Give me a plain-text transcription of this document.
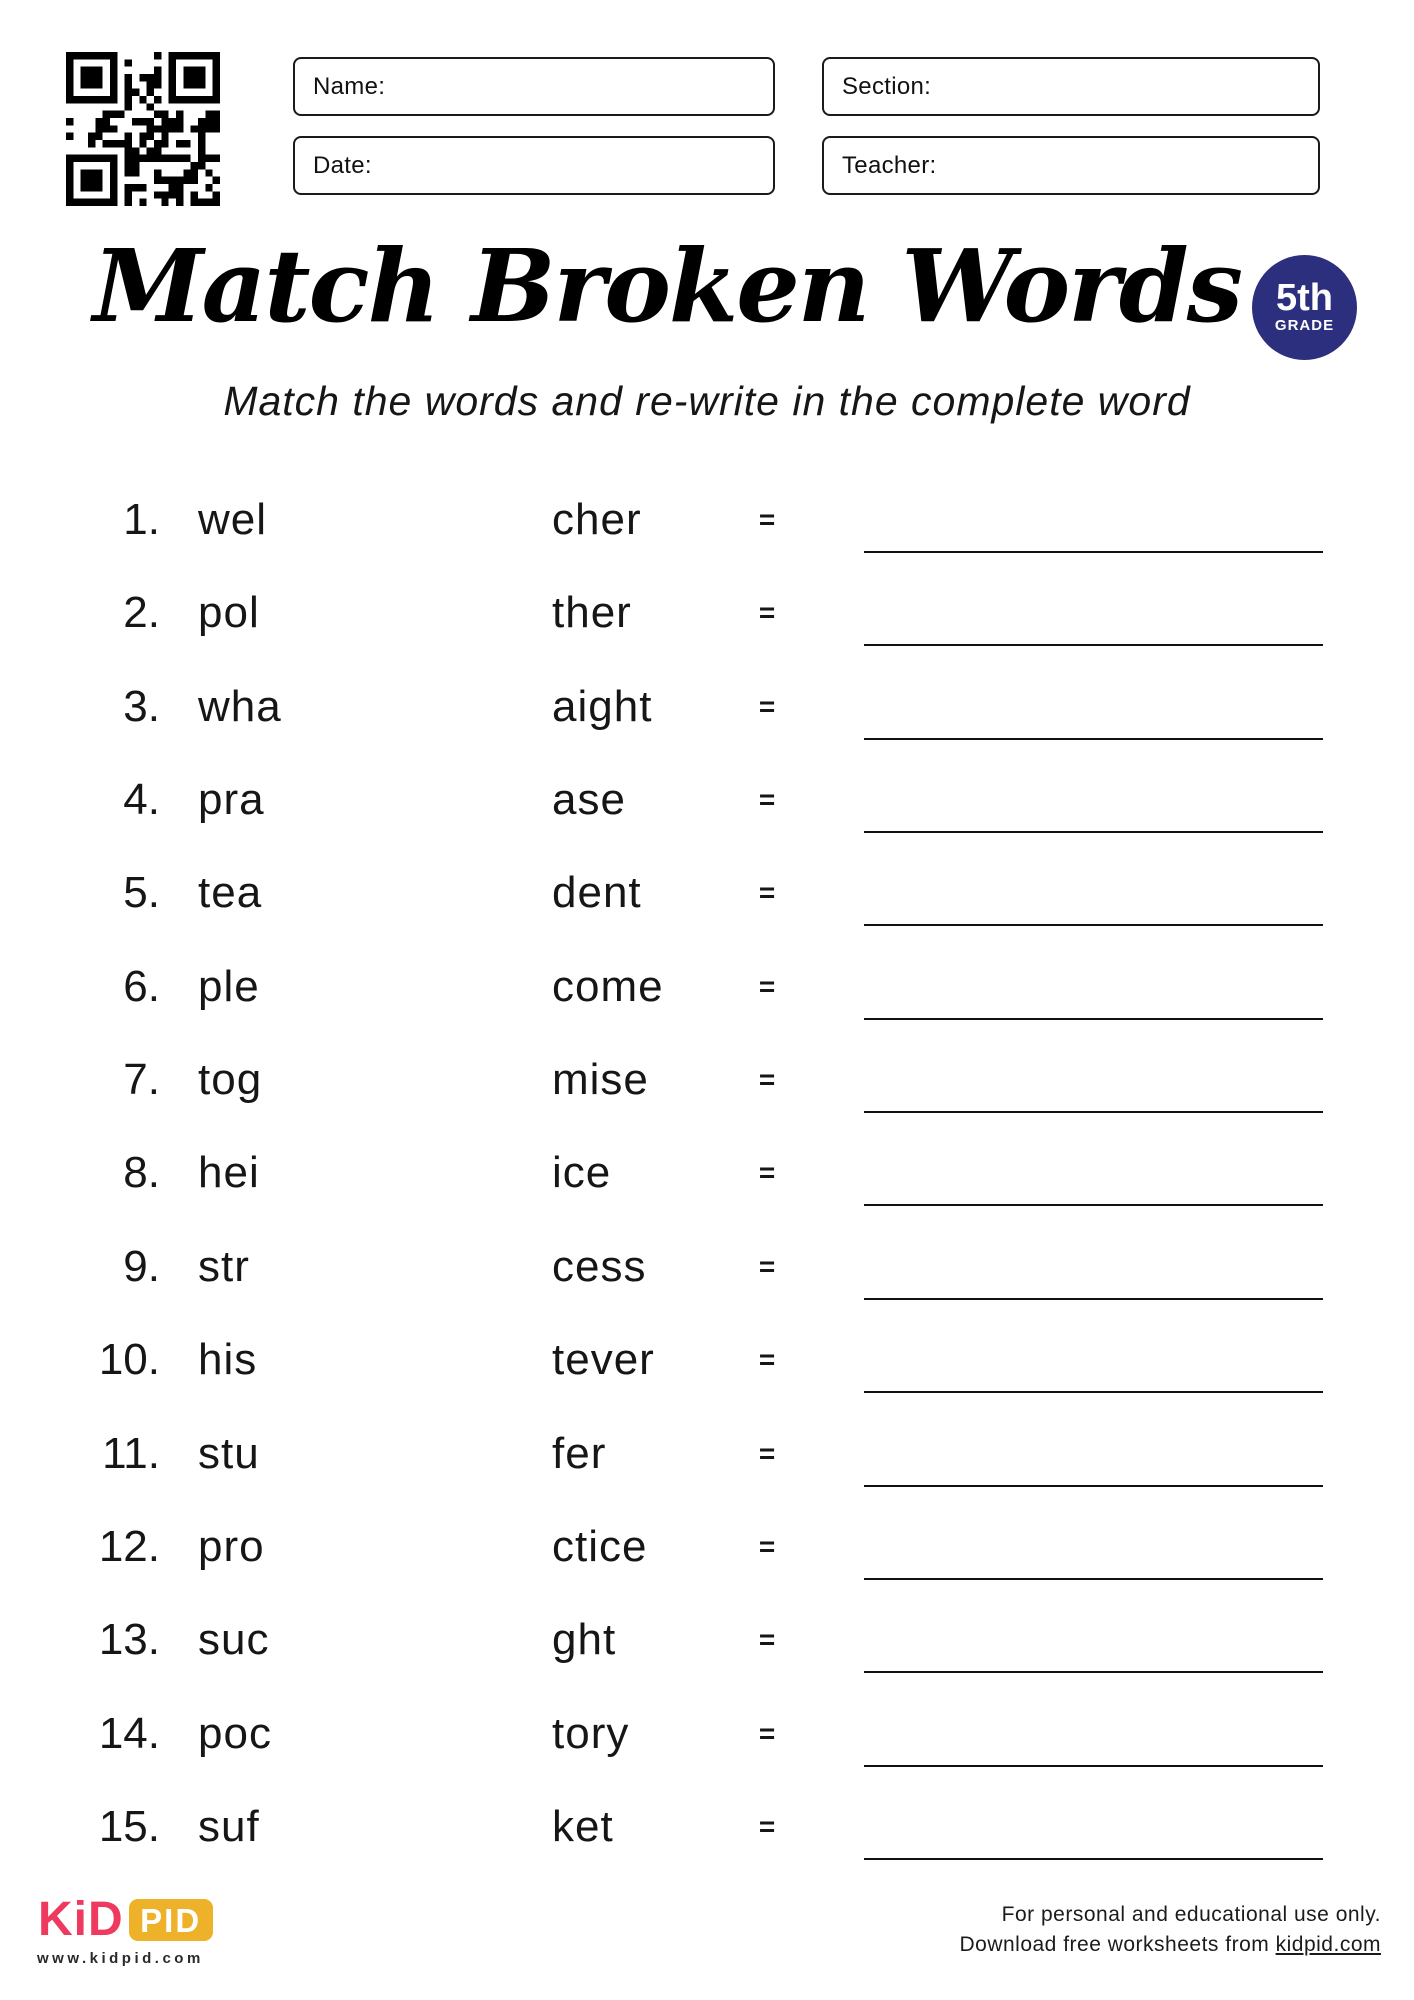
Name:	Section:
Date:	Teacher:
Match Broken Words 5th
GRADE
Match the words and re-write in the complete word
1. wel	cher	=
2. pol	ther	=
3. wha	aight	=
4. pra	ase	=
5. tea	dent	=
6. ple	come	=
7. tog	mise	=
8. hei	ice	=
9. str	cess	=
10. his	tever	=
11. stu	fer	=
12. pro	ctice	=
13. suc	ght	=
14. poc	tory	=
15. suf	ket	=
KiD PID
www.kidpid.com
For personal and educational use only.
Download free worksheets from kidpid.com
